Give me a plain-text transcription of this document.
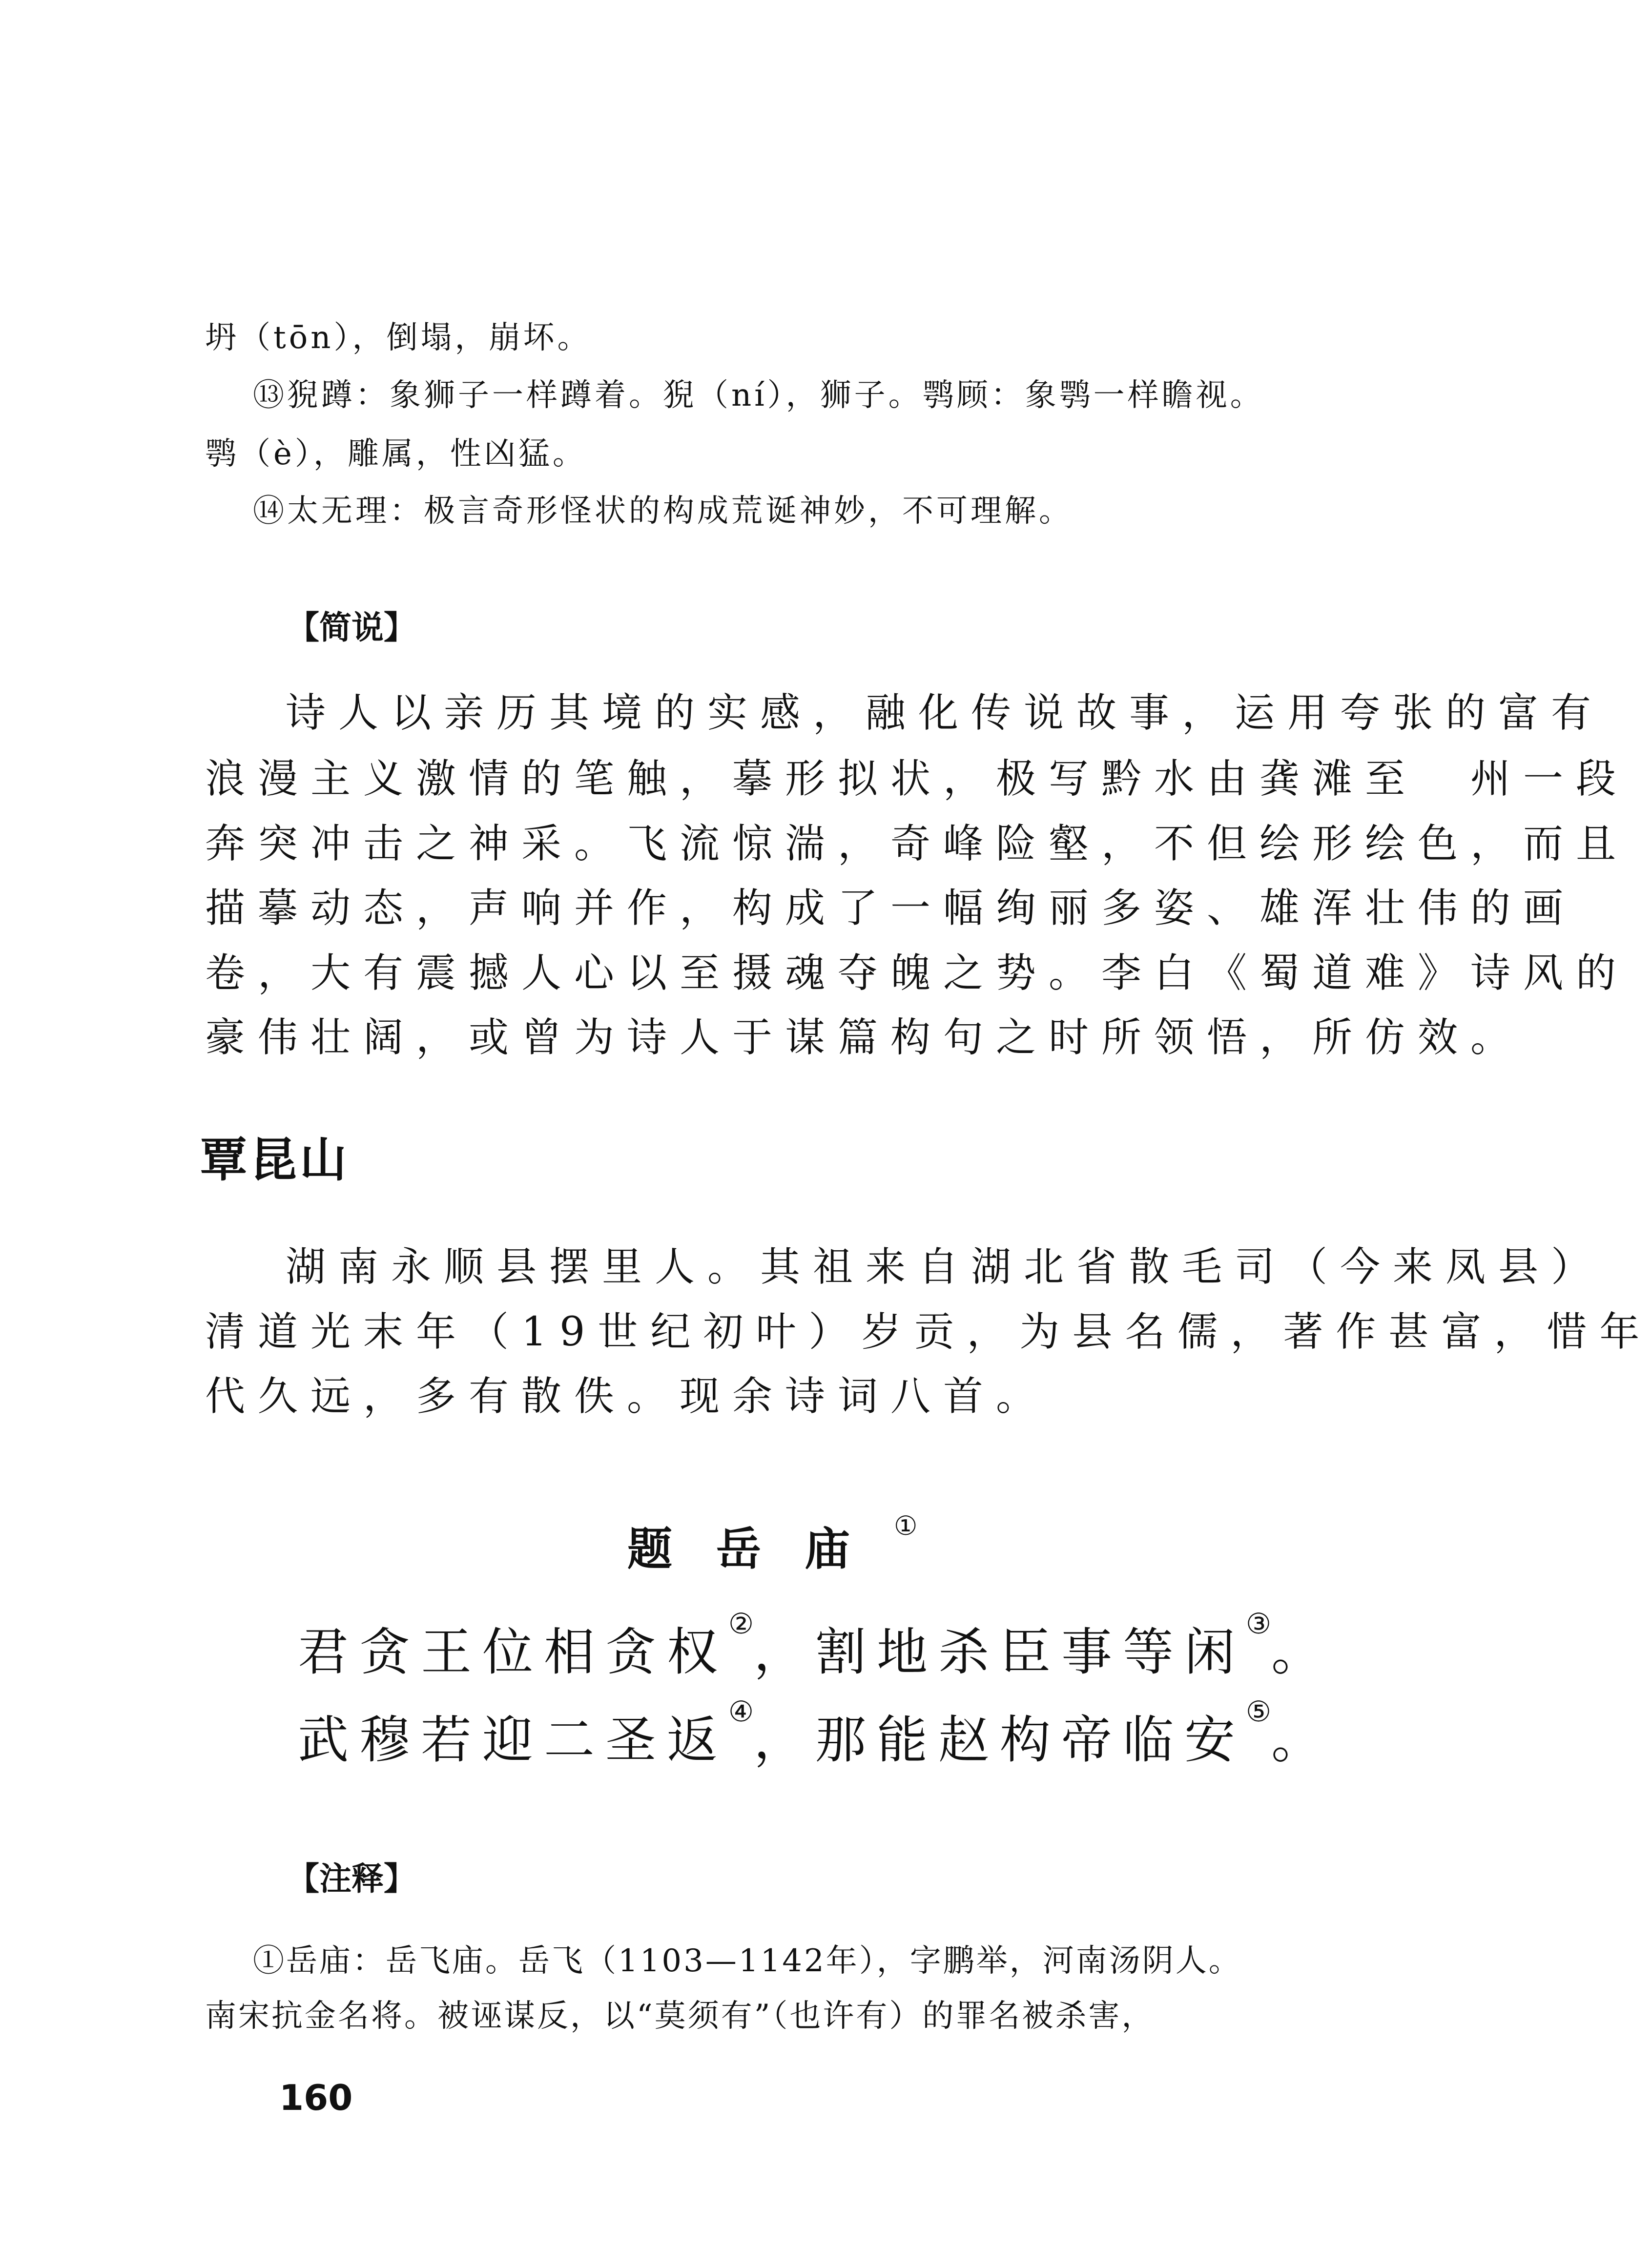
坍（tōn），倒塌，崩坏。
⑬猊蹲：象狮子一样蹲着。猊（ní），狮子。鹗顾：象鹗一样瞻视。
鹗（è），雕属，性凶猛。
⑭太无理：极言奇形怪状的构成荒诞神妙，不可理解。
【简说】
诗人以亲历其境的实感，融化传说故事，运用夸张的富有
浪漫主义激情的笔触，摹形拟状，极写黔水由龚滩至　州一段
奔突冲击之神采。飞流惊湍，奇峰险壑，不但绘形绘色，而且
描摹动态，声响并作，构成了一幅绚丽多姿、雄浑壮伟的画
卷，大有震撼人心以至摄魂夺魄之势。李白《蜀道难》诗风的
豪伟壮阔，或曾为诗人于谋篇构句之时所领悟，所仿效。
覃昆山
湖南永顺县摆里人。其祖来自湖北省散毛司（今来凤县）
清道光末年（19世纪初叶）岁贡，为县名儒，著作甚富，惜年
代久远，多有散佚。现余诗词八首。
题岳庙①
君贪王位相贪权②，割地杀臣事等闲③。
武穆若迎二圣返④，那能赵构帝临安⑤。
【注释】
①岳庙：岳飞庙。岳飞（1103—1142年），字鹏举，河南汤阴人。
南宋抗金名将。被诬谋反，以“莫须有”（也许有）的罪名被杀害，
160
